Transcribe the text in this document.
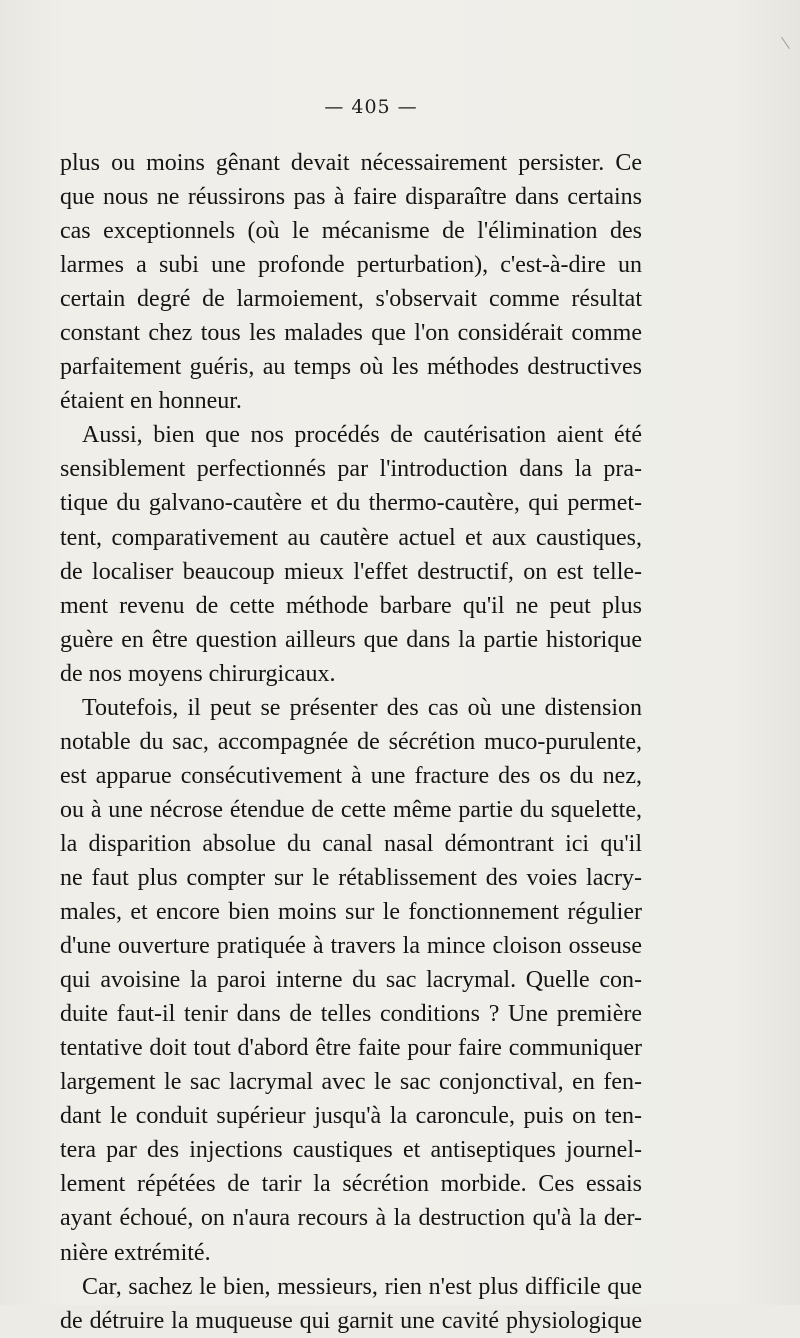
— 405 —
plus ou moins gênant devait nécessairement persister. Ce
que nous ne réussirons pas à faire disparaître dans certains
cas exceptionnels (où le mécanisme de l'élimination des
larmes a subi une profonde perturbation), c'est-à-dire un
certain degré de larmoiement, s'observait comme résultat
constant chez tous les malades que l'on considérait comme
parfaitement guéris, au temps où les méthodes destructives
étaient en honneur.
Aussi, bien que nos procédés de cautérisation aient été
sensiblement perfectionnés par l'introduction dans la pra-
tique du galvano-cautère et du thermo-cautère, qui permet-
tent, comparativement au cautère actuel et aux caustiques,
de localiser beaucoup mieux l'effet destructif, on est telle-
ment revenu de cette méthode barbare qu'il ne peut plus
guère en être question ailleurs que dans la partie historique
de nos moyens chirurgicaux.
Toutefois, il peut se présenter des cas où une distension
notable du sac, accompagnée de sécrétion muco-purulente,
est apparue consécutivement à une fracture des os du nez,
ou à une nécrose étendue de cette même partie du squelette,
la disparition absolue du canal nasal démontrant ici qu'il
ne faut plus compter sur le rétablissement des voies lacry-
males, et encore bien moins sur le fonctionnement régulier
d'une ouverture pratiquée à travers la mince cloison osseuse
qui avoisine la paroi interne du sac lacrymal. Quelle con-
duite faut-il tenir dans de telles conditions ? Une première
tentative doit tout d'abord être faite pour faire communiquer
largement le sac lacrymal avec le sac conjonctival, en fen-
dant le conduit supérieur jusqu'à la caroncule, puis on ten-
tera par des injections caustiques et antiseptiques journel-
lement répétées de tarir la sécrétion morbide. Ces essais
ayant échoué, on n'aura recours à la destruction qu'à la der-
nière extrémité.
Car, sachez le bien, messieurs, rien n'est plus difficile que
de détruire la muqueuse qui garnit une cavité physiologique
